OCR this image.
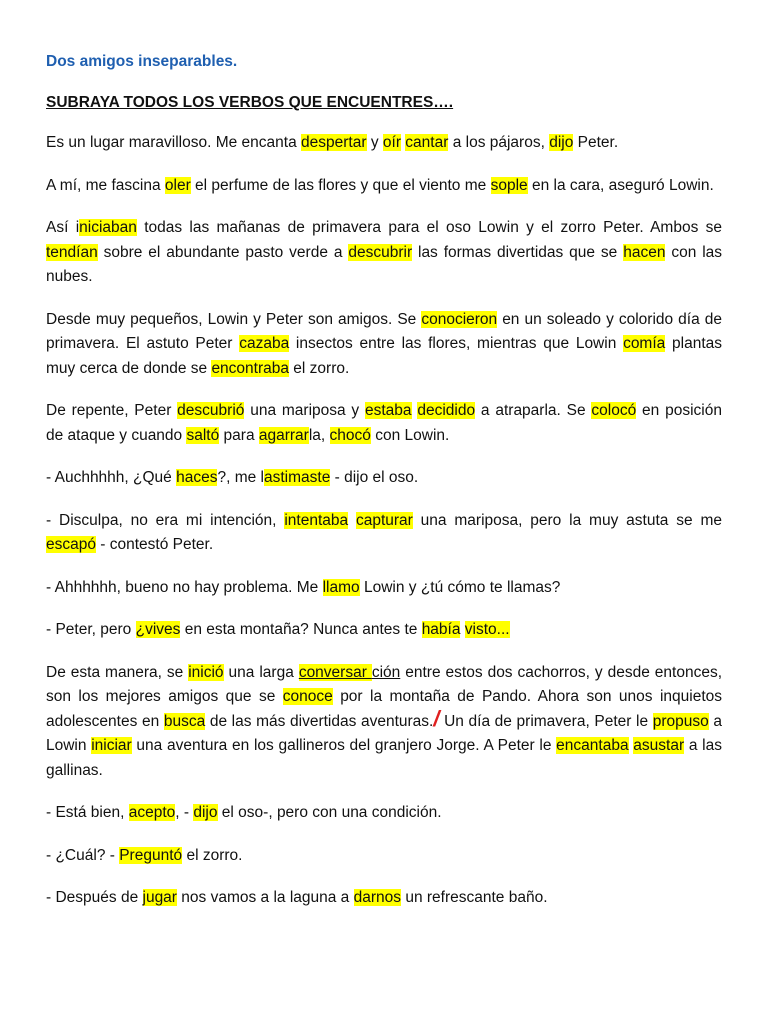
Dos amigos inseparables.
SUBRAYA TODOS LOS VERBOS QUE ENCUENTRES….

Es un lugar maravilloso. Me encanta despertar y oír cantar a los pájaros, dijo Peter.

A mí, me fascina oler el perfume de las flores y que el viento me sople en la cara, aseguró Lowin.

Así iniciaban todas las mañanas de primavera para el oso Lowin y el zorro Peter. Ambos se tendían sobre el abundante pasto verde a descubrir las formas divertidas que se hacen con las nubes.

Desde muy pequeños, Lowin y Peter son amigos. Se conocieron en un soleado y colorido día de primavera. El astuto Peter cazaba insectos entre las flores, mientras que Lowin comía plantas muy cerca de donde se encontraba el zorro.

De repente, Peter descubrió una mariposa y estaba decidido a atraparla. Se colocó en posición de ataque y cuando saltó para agarrarla, chocó con Lowin.

- Auchhhhh, ¿Qué haces?, me lastimaste - dijo el oso.

- Disculpa, no era mi intención, intentaba capturar una mariposa, pero la muy astuta se me escapó - contestó Peter.

- Ahhhhhh, bueno no hay problema. Me llamo Lowin y ¿tú cómo te llamas?

- Peter, pero ¿vives en esta montaña? Nunca antes te había visto...

De esta manera, se inició una larga conversar ción entre estos dos cachorros, y desde entonces, son los mejores amigos que se conoce por la montaña de Pando. Ahora son unos inquietos adolescentes en busca de las más divertidas aventuras./ Un día de primavera, Peter le propuso a Lowin iniciar una aventura en los gallineros del granjero Jorge. A Peter le encantaba asustar a las gallinas.

- Está bien, acepto, - dijo el oso-, pero con una condición.

- ¿Cuál? - Preguntó el zorro.

- Después de jugar nos vamos a la laguna a darnos un refrescante baño.
